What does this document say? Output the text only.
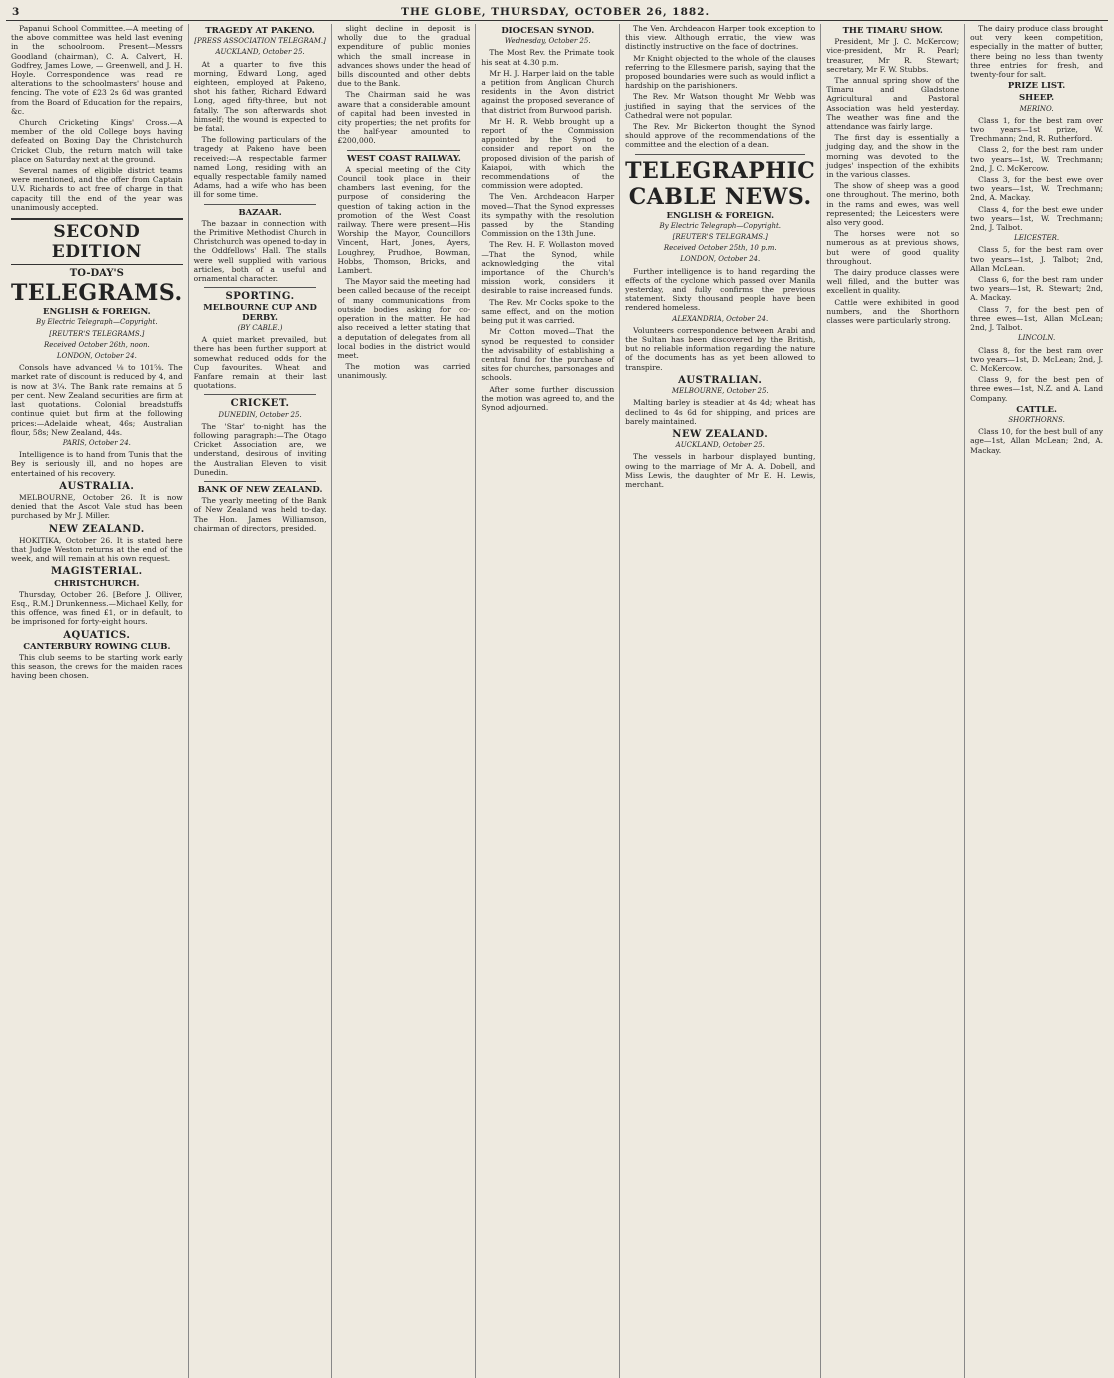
3	THE GLOBE, THURSDAY, OCTOBER 26, 1882.

Papanui School Committee.—A meeting of the above committee was held last evening in the schoolroom. Present—Messrs Goodland (chairman), C. A. Calvert, H. Godfrey, James Lowe, — Greenwell, and J. H. Hoyle. Correspondence was read re alterations to the schoolmasters' house and fencing. The vote of £23 2s 6d was granted from the Board of Education for the repairs, &c.

Church Cricketing Kings' Cross.—A member of the old College boys having defeated on Boxing Day the Christchurch Cricket Club, the return match will take place on Saturday next at the ground.

Several names of eligible district teams were mentioned, and the offer from Captain U.V. Richards to act free of charge in that capacity till the end of the year was unanimously accepted.

SECOND EDITION
TO-DAY'S
TELEGRAMS.
ENGLISH & FOREIGN.
By Electric Telegraph—Copyright.
[REUTER'S TELEGRAMS.]
Received October 26th, noon.
LONDON, October 24.

Consols have advanced ⅛ to 101⅝. The market rate of discount is reduced by 4, and is now at 3¼. The Bank rate remains at 5 per cent. New Zealand securities are firm at last quotations. Colonial breadstuffs continue quiet but firm at the following prices:—Adelaide wheat, 46s; Australian flour, 58s; New Zealand, 44s.

PARIS, October 24.

Intelligence is to hand from Tunis that the Bey is seriously ill, and no hopes are entertained of his recovery.

AUSTRALIA.

MELBOURNE, October 26. It is now denied that the Ascot Vale stud has been purchased by Mr J. Miller.

NEW ZEALAND.

HOKITIKA, October 26. It is stated here that Judge Weston returns at the end of the week, and will remain at his own request.

MAGISTERIAL.
CHRISTCHURCH.

Thursday, October 26. [Before J. Olliver, Esq., R.M.] Drunkenness.—Michael Kelly, for this offence, was fined £1, or in default, to be imprisoned for forty-eight hours.

AQUATICS.
CANTERBURY ROWING CLUB.

This club seems to be starting work early this season, the crews for the maiden races having been chosen.

TRAGEDY AT PAKENO.
[PRESS ASSOCIATION TELEGRAM.]
AUCKLAND, October 25.

At a quarter to five this morning, Edward Long, aged eighteen, employed at Pakeno, shot his father, Richard Edward Long, aged fifty-three, but not fatally. The son afterwards shot himself; the wound is expected to be fatal.

The following particulars of the tragedy at Pakeno have been received:—A respectable farmer named Long, residing with an equally respectable family named Adams, had a wife who has been ill for some time.

BAZAAR.

The bazaar in connection with the Primitive Methodist Church in Christchurch was opened to-day in the Oddfellows' Hall. The stalls were well supplied with various articles, both of a useful and ornamental character.

SPORTING.
MELBOURNE CUP AND DERBY.
(BY CABLE.)

A quiet market prevailed, but there has been further support at somewhat reduced odds for the Cup favourites. Wheat and Fanfare remain at their last quotations.

CRICKET.
DUNEDIN, October 25.

The 'Star' to-night has the following paragraph:—The Otago Cricket Association are, we understand, desirous of inviting the Australian Eleven to visit Dunedin.

BANK OF NEW ZEALAND.

The yearly meeting of the Bank of New Zealand was held to-day. The Hon. James Williamson, chairman of directors, presided.

slight decline in deposit is wholly due to the gradual expenditure of public monies which the small increase in advances shows under the head of bills discounted and other debts due to the Bank.

The Chairman said he was aware that a considerable amount of capital had been invested in city properties; the net profits for the half-year amounted to £200,000.

WEST COAST RAILWAY.

A special meeting of the City Council took place in their chambers last evening, for the purpose of considering the question of taking action in the promotion of the West Coast railway. There were present—His Worship the Mayor, Councillors Vincent, Hart, Jones, Ayers, Loughrey, Prudhoe, Bowman, Hobbs, Thomson, Bricks, and Lambert.

The Mayor said the meeting had been called because of the receipt of many communications from outside bodies asking for co-operation in the matter. He had also received a letter stating that a deputation of delegates from all local bodies in the district would meet.

The motion was carried unanimously.

DIOCESAN SYNOD.
Wednesday, October 25.

The Most Rev. the Primate took his seat at 4.30 p.m.

Mr H. J. Harper laid on the table a petition from Anglican Church residents in the Avon district against the proposed severance of that district from Burwood parish.

Mr H. R. Webb brought up a report of the Commission appointed by the Synod to consider and report on the proposed division of the parish of Kaiapoi, with which the recommendations of the commission were adopted.

The Ven. Archdeacon Harper moved—That the Synod expresses its sympathy with the resolution passed by the Standing Commission on the 13th June.

The Rev. H. F. Wollaston moved—That the Synod, while acknowledging the vital importance of the Church's mission work, considers it desirable to raise increased funds.

The Rev. Mr Cocks spoke to the same effect, and on the motion being put it was carried.

Mr Cotton moved—That the synod be requested to consider the advisability of establishing a central fund for the purchase of sites for churches, parsonages and schools.

After some further discussion the motion was agreed to, and the Synod adjourned.

The Ven. Archdeacon Harper took exception to this view. Although erratic, the view was distinctly instructive on the face of doctrines.

Mr Knight objected to the whole of the clauses referring to the Ellesmere parish, saying that the proposed boundaries were such as would inflict a hardship on the parishioners.

The Rev. Mr Watson thought Mr Webb was justified in saying that the services of the Cathedral were not popular.

The Rev. Mr Bickerton thought the Synod should approve of the recommendations of the committee and the election of a dean.

TELEGRAPHIC
CABLE NEWS.
ENGLISH & FOREIGN.
By Electric Telegraph—Copyright.
[REUTER'S TELEGRAMS.]
Received October 25th, 10 p.m.
LONDON, October 24.

Further intelligence is to hand regarding the effects of the cyclone which passed over Manila yesterday, and fully confirms the previous statement. Sixty thousand people have been rendered homeless.

ALEXANDRIA, October 24.

Volunteers correspondence between Arabi and the Sultan has been discovered by the British, but no reliable information regarding the nature of the documents has as yet been allowed to transpire.

AUSTRALIAN.
MELBOURNE, October 25.

Malting barley is steadier at 4s 4d; wheat has declined to 4s 6d for shipping, and prices are barely maintained.

NEW ZEALAND.
AUCKLAND, October 25.

The vessels in harbour displayed bunting, owing to the marriage of Mr A. A. Dobell, and Miss Lewis, the daughter of Mr E. H. Lewis, merchant.

THE TIMARU SHOW.

President, Mr J. C. McKercow; vice-president, Mr R. Pearl; treasurer, Mr R. Stewart; secretary, Mr F. W. Stubbs.

The annual spring show of the Timaru and Gladstone Agricultural and Pastoral Association was held yesterday. The weather was fine and the attendance was fairly large.

The first day is essentially a judging day, and the show in the morning was devoted to the judges' inspection of the exhibits in the various classes.

The show of sheep was a good one throughout. The merino, both in the rams and ewes, was well represented; the Leicesters were also very good.

The horses were not so numerous as at previous shows, but were of good quality throughout.

The dairy produce classes were well filled, and the butter was excellent in quality.

Cattle were exhibited in good numbers, and the Shorthorn classes were particularly strong.

The dairy produce class brought out very keen competition, especially in the matter of butter, there being no less than twenty three entries for fresh, and twenty-four for salt.

PRIZE LIST.
SHEEP.
MERINO.

Class 1, for the best ram over two years—1st prize, W. Trechmann; 2nd, R. Rutherford.

Class 2, for the best ram under two years—1st, W. Trechmann; 2nd, J. C. McKercow.

Class 3, for the best ewe over two years—1st, W. Trechmann; 2nd, A. Mackay.

Class 4, for the best ewe under two years—1st, W. Trechmann; 2nd, J. Talbot.

LEICESTER.

Class 5, for the best ram over two years—1st, J. Talbot; 2nd, Allan McLean.

Class 6, for the best ram under two years—1st, R. Stewart; 2nd, A. Mackay.

Class 7, for the best pen of three ewes—1st, Allan McLean; 2nd, J. Talbot.

LINCOLN.

Class 8, for the best ram over two years—1st, D. McLean; 2nd, J. C. McKercow.

Class 9, for the best pen of three ewes—1st, N.Z. and A. Land Company.

CATTLE.
SHORTHORNS.

Class 10, for the best bull of any age—1st, Allan McLean; 2nd, A. Mackay.
